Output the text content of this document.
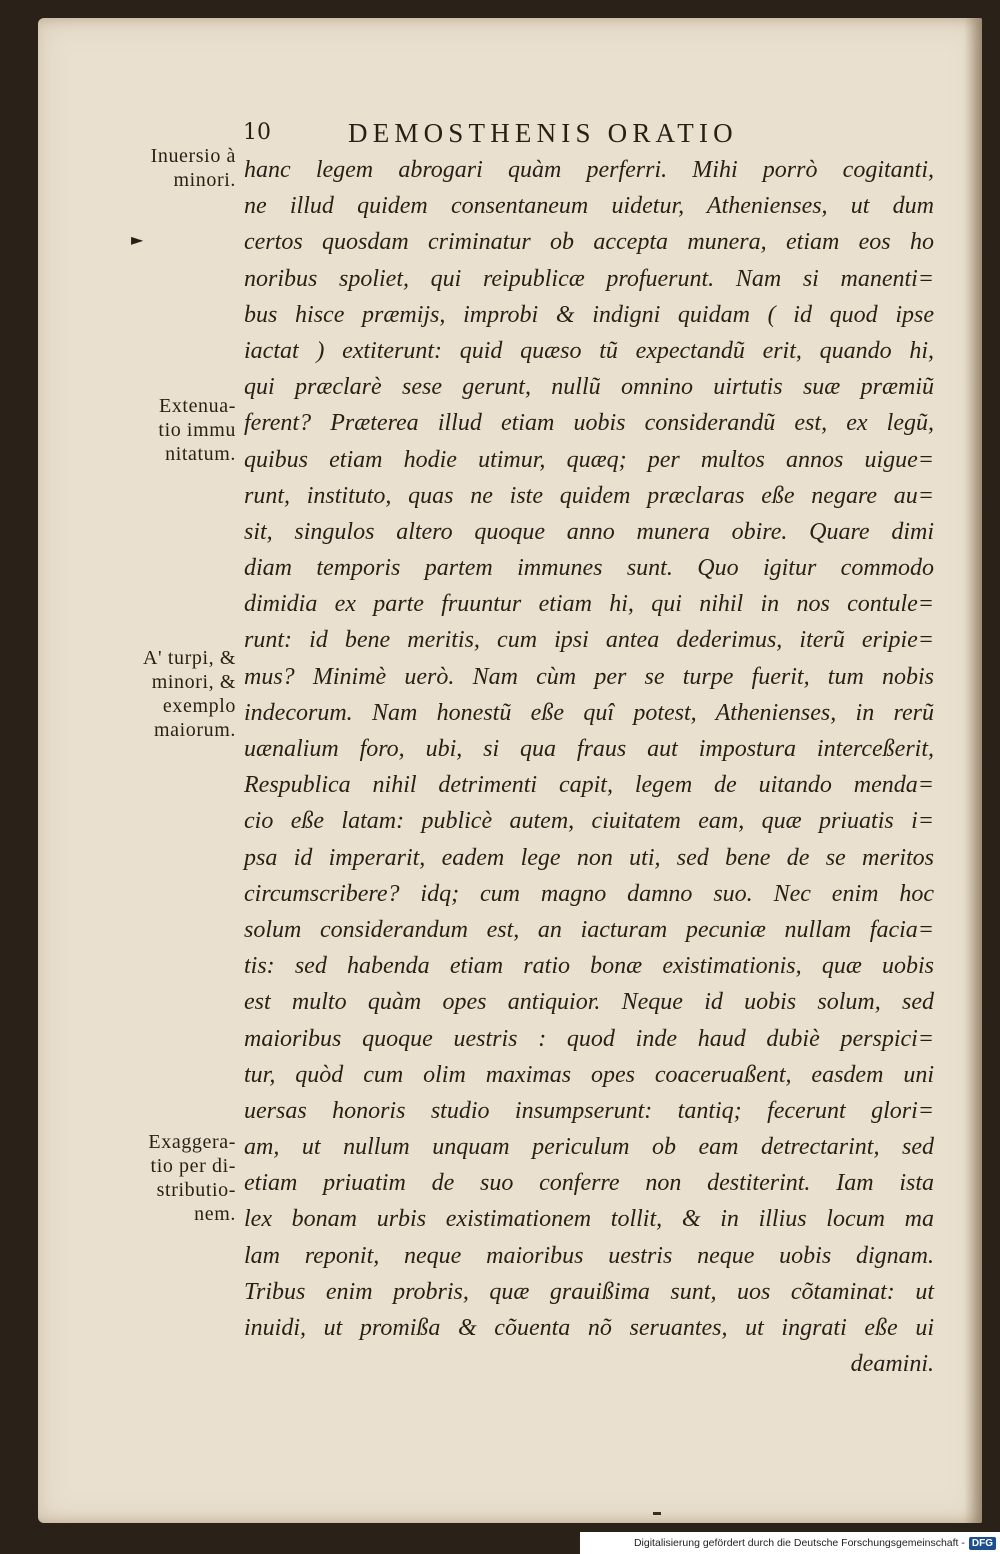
10	DEMOSTHENIS ORATIO
Inuersio à
minori.
►
Extenua-
tio immu
nitatum.
A' turpi, &
minori, &
exemplo
maiorum.
Exaggera-
tio per di-
stributio-
nem.
hanc legem abrogari quàm perferri. Mihi porrò cogitanti,
ne illud quidem consentaneum uidetur, Athenienses, ut dum
certos quosdam criminatur ob accepta munera, etiam eos ho
noribus spoliet, qui reipublicæ profuerunt. Nam si manenti=
bus hisce præmijs, improbi & indigni quidam ( id quod ipse
iactat ) extiterunt: quid quæso tũ expectandũ erit, quando hi,
qui præclarè sese gerunt, nullũ omnino uirtutis suæ præmiũ
ferent? Præterea illud etiam uobis considerandũ est, ex legũ,
quibus etiam hodie utimur, quæq; per multos annos uigue=
runt, instituto, quas ne iste quidem præclaras eße negare au=
sit, singulos altero quoque anno munera obire. Quare dimi
diam temporis partem immunes sunt. Quo igitur commodo
dimidia ex parte fruuntur etiam hi, qui nihil in nos contule=
runt: id bene meritis, cum ipsi antea dederimus, iterũ eripie=
mus? Minimè uerò. Nam cùm per se turpe fuerit, tum nobis
indecorum. Nam honestũ eße quî potest, Athenienses, in rerũ
uænalium foro, ubi, si qua fraus aut impostura interceßerit,
Respublica nihil detrimenti capit, legem de uitando menda=
cio eße latam: publicè autem, ciuitatem eam, quæ priuatis i=
psa id imperarit, eadem lege non uti, sed bene de se meritos
circumscribere? idq; cum magno damno suo. Nec enim hoc
solum considerandum est, an iacturam pecuniæ nullam facia=
tis: sed habenda etiam ratio bonæ existimationis, quæ uobis
est multo quàm opes antiquior. Neque id uobis solum, sed
maioribus quoque uestris : quod inde haud dubiè perspici=
tur, quòd cum olim maximas opes coaceruaßent, easdem uni
uersas honoris studio insumpserunt: tantiq; fecerunt glori=
am, ut nullum unquam periculum ob eam detrectarint, sed
etiam priuatim de suo conferre non destiterint. Iam ista
lex bonam urbis existimationem tollit, & in illius locum ma
lam reponit, neque maioribus uestris neque uobis dignam.
Tribus enim probris, quæ grauißima sunt, uos cõtaminat: ut
inuidi, ut promißa & cõuenta nõ seruantes, ut ingrati eße ui
deamini.
Digitalisierung gefördert durch die Deutsche Forschungsgemeinschaft - DFG
